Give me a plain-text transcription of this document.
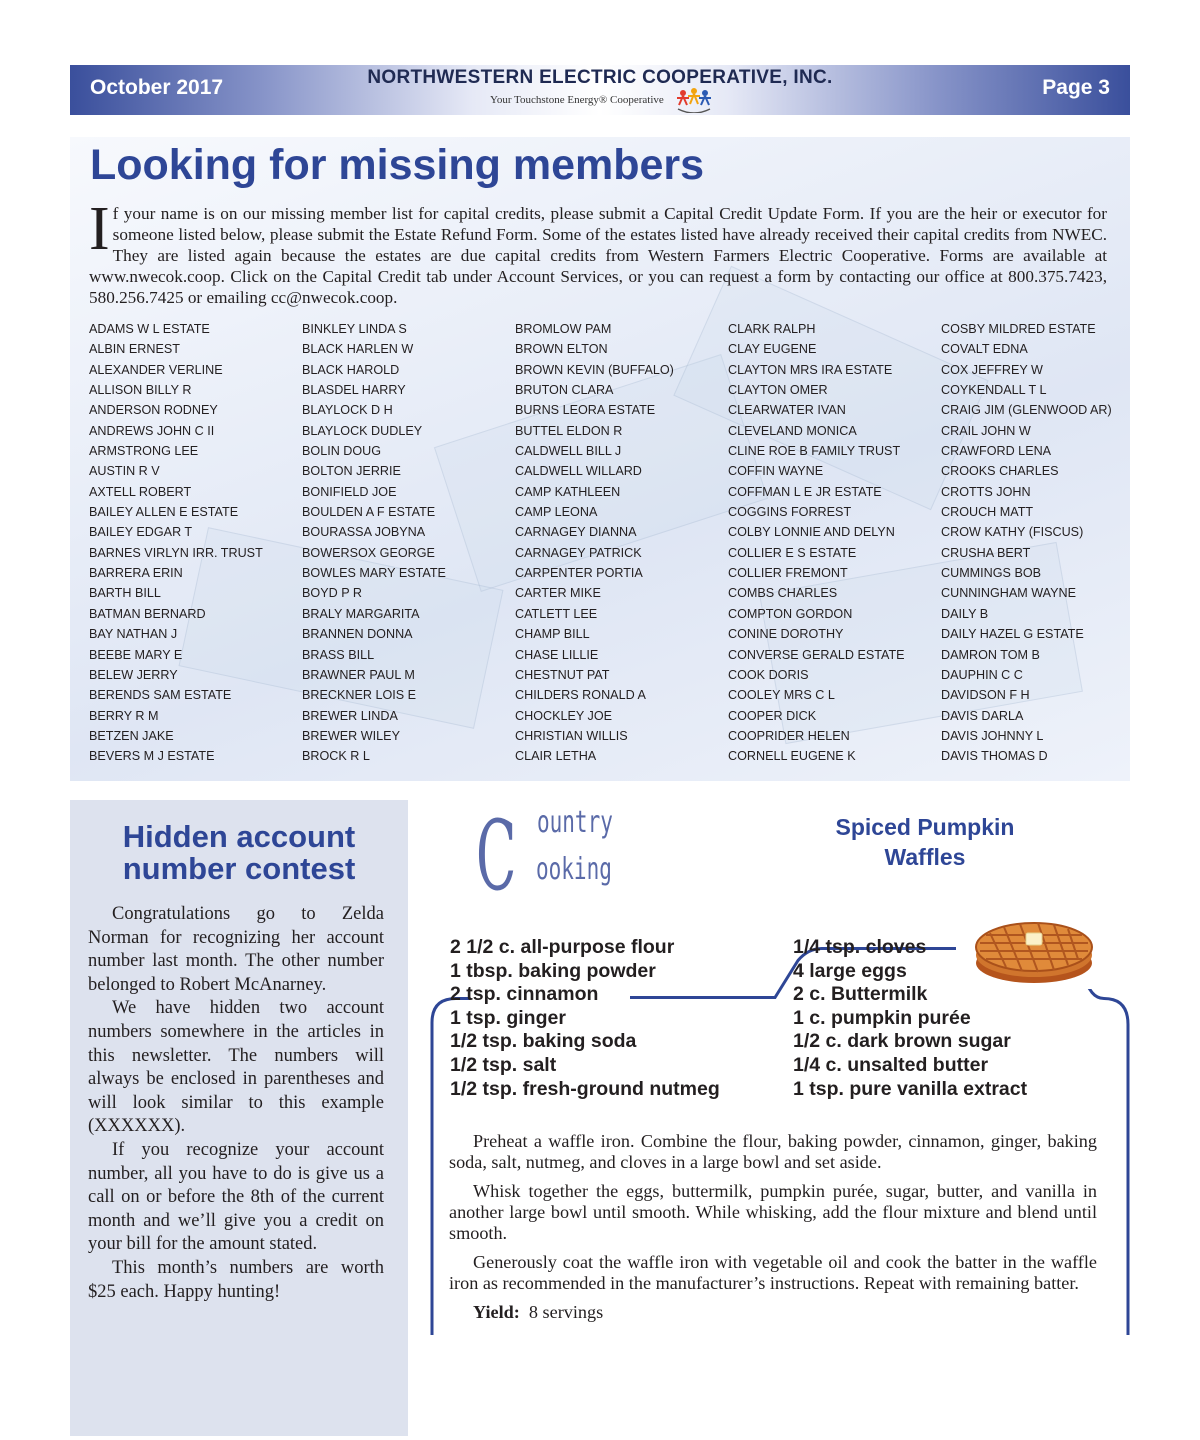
October 2017	NORTHWESTERN ELECTRIC COOPERATIVE, INC.
Your Touchstone Energy® Cooperative
Page 3
Looking for missing members

If your name is on our missing member list for capital credits, please submit a Capital Credit Update Form. If you are the heir or executor for someone listed below, please submit the Estate Refund Form. Some of the estates listed have already received their capital credits from NWEC. They are listed again because the estates are due capital credits from Western Farmers Electric Cooperative. Forms are available at www.nwecok.coop. Click on the Capital Credit tab under Account Services, or you can request a form by contacting our office at 800.375.7423, 580.256.7425 or emailing cc@nwecok.coop.

ADAMS W L ESTATE
ALBIN ERNEST
ALEXANDER VERLINE
ALLISON BILLY R
ANDERSON RODNEY
ANDREWS JOHN C II
ARMSTRONG LEE
AUSTIN R V
AXTELL ROBERT
BAILEY ALLEN E ESTATE
BAILEY EDGAR T
BARNES VIRLYN IRR. TRUST
BARRERA ERIN
BARTH BILL
BATMAN BERNARD
BAY NATHAN J
BEEBE MARY E
BELEW JERRY
BERENDS SAM ESTATE
BERRY R M
BETZEN JAKE
BEVERS M J ESTATE
BINKLEY LINDA S
BLACK HARLEN W
BLACK HAROLD
BLASDEL HARRY
BLAYLOCK D H
BLAYLOCK DUDLEY
BOLIN DOUG
BOLTON JERRIE
BONIFIELD JOE
BOULDEN A F ESTATE
BOURASSA JOBYNA
BOWERSOX GEORGE
BOWLES MARY ESTATE
BOYD P R
BRALY MARGARITA
BRANNEN DONNA
BRASS BILL
BRAWNER PAUL M
BRECKNER LOIS E
BREWER LINDA
BREWER WILEY
BROCK R L
BROMLOW PAM
BROWN ELTON
BROWN KEVIN (BUFFALO)
BRUTON CLARA
BURNS LEORA ESTATE
BUTTEL ELDON R
CALDWELL BILL J
CALDWELL WILLARD
CAMP KATHLEEN
CAMP LEONA
CARNAGEY DIANNA
CARNAGEY PATRICK
CARPENTER PORTIA
CARTER MIKE
CATLETT LEE
CHAMP BILL
CHASE LILLIE
CHESTNUT PAT
CHILDERS RONALD A
CHOCKLEY JOE
CHRISTIAN WILLIS
CLAIR LETHA
CLARK RALPH
CLAY EUGENE
CLAYTON MRS IRA ESTATE
CLAYTON OMER
CLEARWATER IVAN
CLEVELAND MONICA
CLINE ROE B FAMILY TRUST
COFFIN WAYNE
COFFMAN L E JR ESTATE
COGGINS FORREST
COLBY LONNIE AND DELYN
COLLIER E S ESTATE
COLLIER FREMONT
COMBS CHARLES
COMPTON GORDON
CONINE DOROTHY
CONVERSE GERALD ESTATE
COOK DORIS
COOLEY MRS C L
COOPER DICK
COOPRIDER HELEN
CORNELL EUGENE K
COSBY MILDRED ESTATE
COVALT EDNA
COX JEFFREY W
COYKENDALL T L
CRAIG JIM (GLENWOOD AR)
CRAIL JOHN W
CRAWFORD LENA
CROOKS CHARLES
CROTTS JOHN
CROUCH MATT
CROW KATHY (FISCUS)
CRUSHA BERT
CUMMINGS BOB
CUNNINGHAM WAYNE
DAILY B
DAILY HAZEL G ESTATE
DAMRON TOM B
DAUPHIN C C
DAVIDSON F H
DAVIS DARLA
DAVIS JOHNNY L
DAVIS THOMAS D
Hidden account
number contest

Congratulations go to Zelda Norman for recognizing her account number last month. The other number belonged to Robert McAnarney.

We have hidden two account numbers somewhere in the articles in this newsletter. The numbers will always be enclosed in parentheses and will look similar to this example (XXXXXX).

If you recognize your account number, all you have to do is give us a call on or before the 8th of the current month and we’ll give you a credit on your bill for the amount stated.

This month’s numbers are worth $25 each. Happy hunting!

C ountry
ooking
Spiced Pumpkin
Waffles
2 1/2 c. all-purpose flour
1 tbsp. baking powder
2 tsp. cinnamon
1 tsp. ginger
1/2 tsp. baking soda
1/2 tsp. salt
1/2 tsp. fresh-ground nutmeg
1/4 tsp. cloves
4 large eggs
2 c. Buttermilk
1 c. pumpkin purée
1/2 c. dark brown sugar
1/4 c. unsalted butter
1 tsp. pure vanilla extract

Preheat a waffle iron. Combine the flour, baking powder, cinnamon, ginger, baking soda, salt, nutmeg, and cloves in a large bowl and set aside.

Whisk together the eggs, buttermilk, pumpkin purée, sugar, butter, and vanilla in another large bowl until smooth. While whisking, add the flour mixture and blend until smooth.

Generously coat the waffle iron with vegetable oil and cook the batter in the waffle iron as recommended in the manufacturer’s instructions. Repeat with remaining batter.

Yield: 8 servings
